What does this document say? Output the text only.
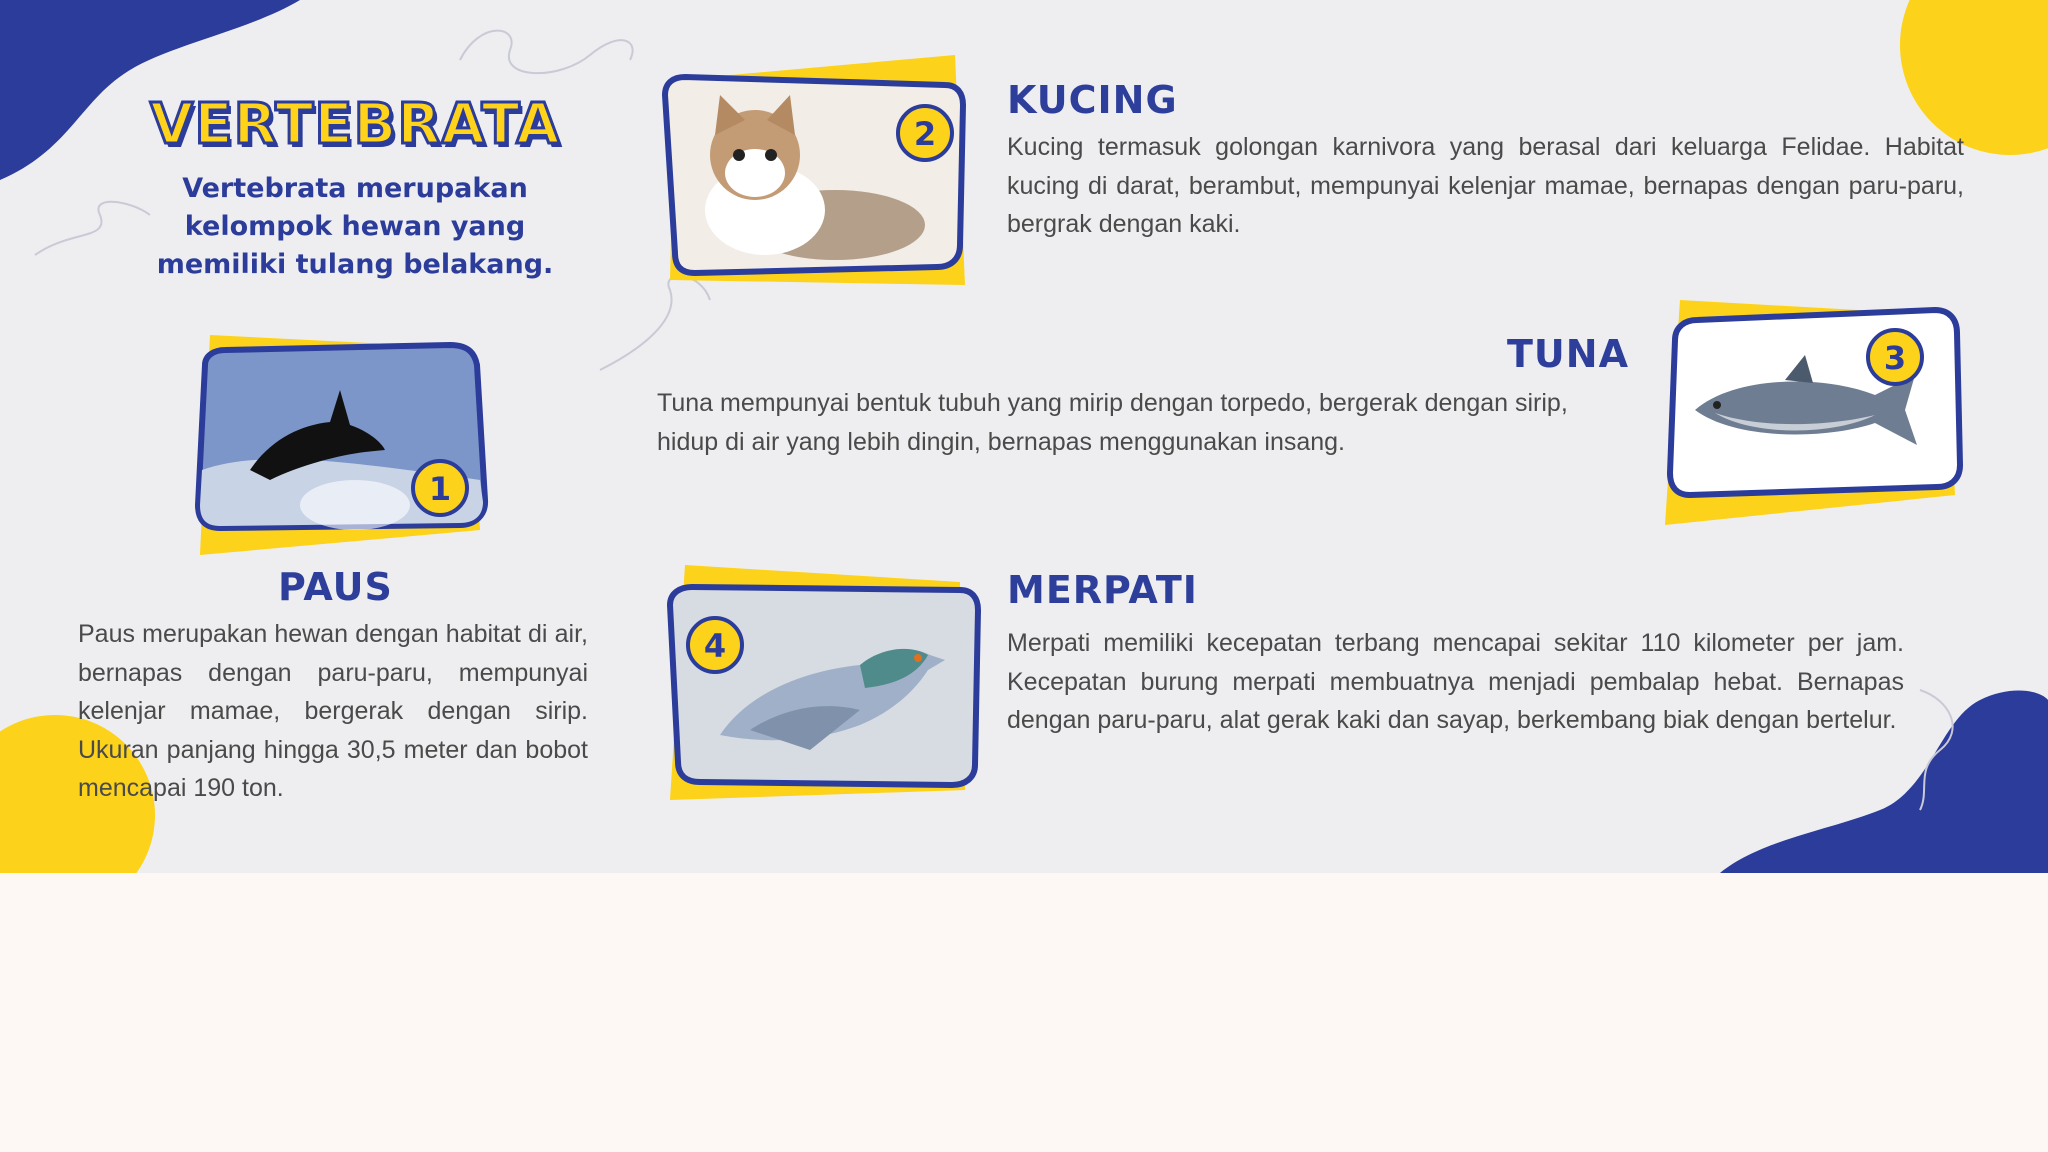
VERTEBRATA

Vertebrata merupakan kelompok hewan yang memiliki tulang belakang.

1
PAUS

Paus merupakan hewan dengan habitat di air, bernapas dengan paru-paru, mempunyai kelenjar mamae, bergerak dengan sirip. Ukuran panjang hingga 30,5 meter dan bobot mencapai 190 ton.

2
KUCING

Kucing termasuk golongan karnivora yang berasal dari keluarga Felidae. Habitat kucing di darat, berambut, mempunyai kelenjar mamae, bernapas dengan paru-paru, bergrak dengan kaki.

3
TUNA

Tuna mempunyai bentuk tubuh yang mirip dengan torpedo, bergerak dengan sirip, hidup di air yang lebih dingin, bernapas menggunakan insang.

4
MERPATI

Merpati memiliki kecepatan terbang mencapai sekitar 110 kilometer per jam. Kecepatan burung merpati membuatnya menjadi pembalap hebat. Bernapas dengan paru-paru, alat gerak kaki dan sayap, berkembang biak dengan bertelur.
